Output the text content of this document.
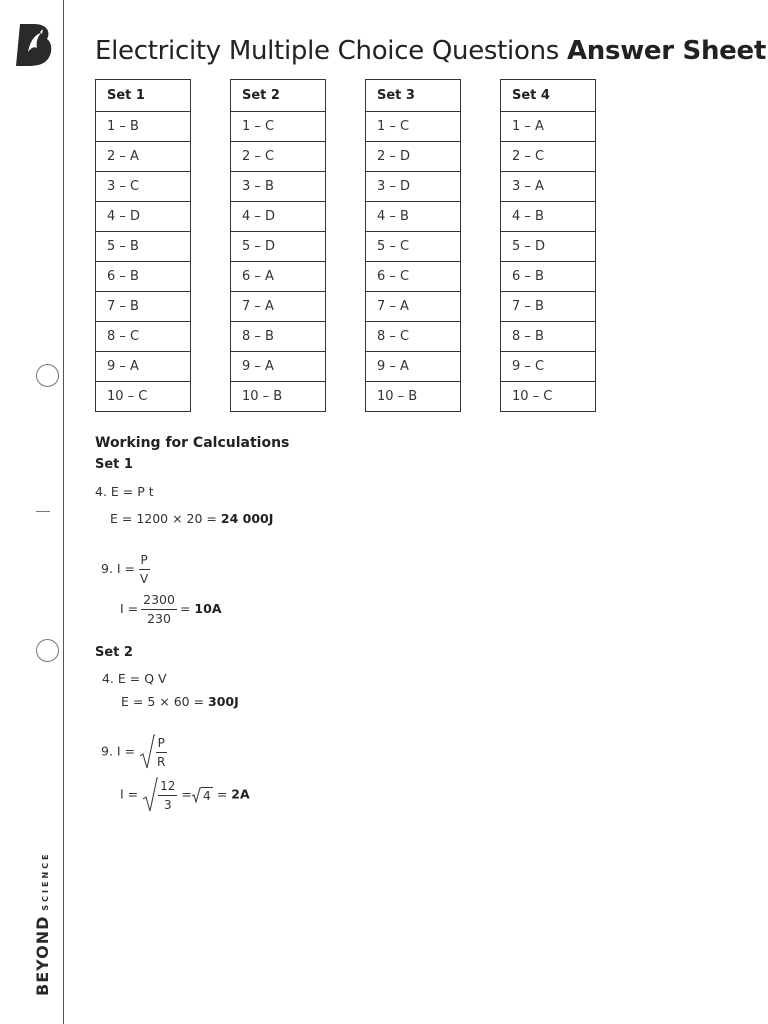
BEYONDSCIENCE
Electricity Multiple Choice Questions Answer Sheet
Set 1
1 – B
2 – A
3 – C
4 – D
5 – B
6 – B
7 – B
8 – C
9 – A
10 – C
Set 2
1 – C
2 – C
3 – B
4 – D
5 – D
6 – A
7 – A
8 – B
9 – A
10 – B
Set 3
1 – C
2 – D
3 – D
4 – B
5 – C
6 – C
7 – A
8 – C
9 – A
10 – B
Set 4
1 – A
2 – C
3 – A
4 – B
5 – D
6 – B
7 – B
8 – B
9 – C
10 – C
Working for Calculations
Set 1
4. E = P t
E = 1200 × 20 = 24 000J
9. $I = \frac{P}{V}$
$I = \frac{2300}{230} = 10A$
Set 2
4. E = Q V
E = 5 × 60 = 300J
9. $I = \frac{P}{R}$
$I = \frac{12}{3} = 4 = 2A$
